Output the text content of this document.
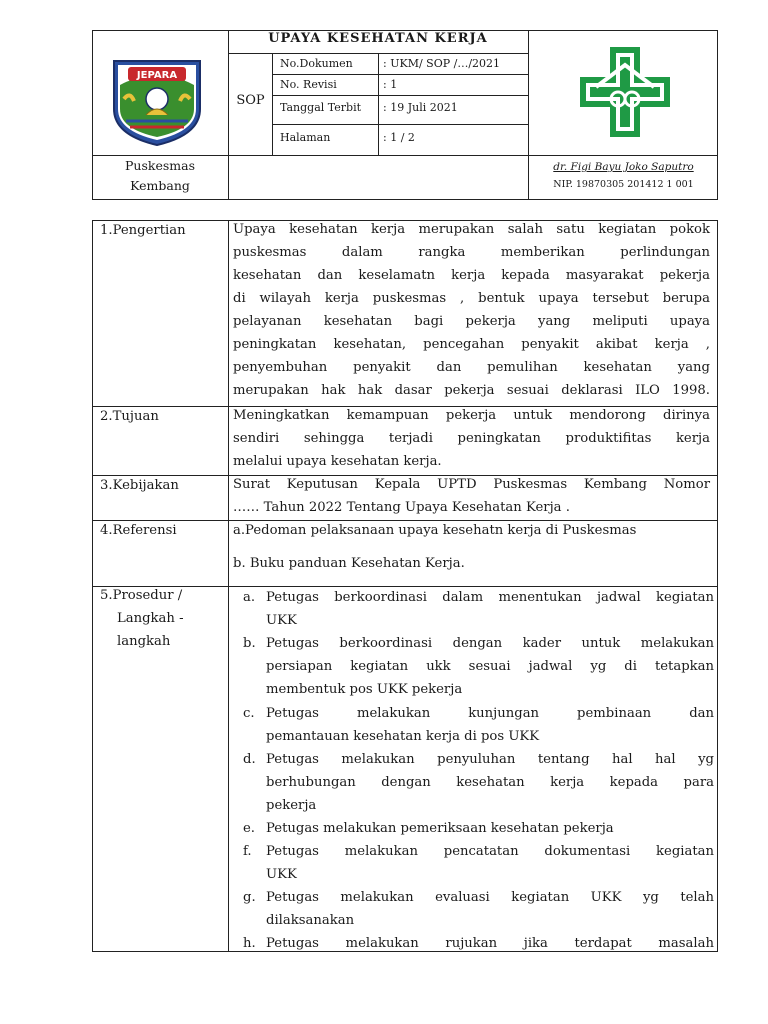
UPAYA KESEHATAN KERJA
SOP
No.Dokumen	: UKM/ SOP /…/2021
No. Revisi	: 1
Tanggal Terbit : 19 Juli 2021
Halaman	: 1 / 2
Puskesmas
Kembang
dr. Figi Bayu Joko Saputro
NIP. 19870305 201412 1 001
JEPARA
1.Pengertian	Upaya kesehatan kerja merupakan salah satu kegiatan pokok
puskesmas dalam rangka memberikan perlindungan
kesehatan dan keselamatn kerja kepada masyarakat pekerja
di wilayah kerja puskesmas , bentuk upaya tersebut berupa
pelayanan kesehatan bagi pekerja yang meliputi upaya
peningkatan kesehatan, pencegahan penyakit akibat kerja ,
penyembuhan penyakit dan pemulihan kesehatan yang
merupakan hak hak dasar pekerja sesuai deklarasi ILO 1998.
2.Tujuan	Meningkatkan kemampuan pekerja untuk mendorong dirinya
sendiri sehingga terjadi peningkatan produktifitas kerja
melalui upaya kesehatan kerja.
3.Kebijakan	Surat Keputusan Kepala UPTD Puskesmas Kembang Nomor
…… Tahun 2022 Tentang Upaya Kesehatan Kerja .
4.Referensi	a.Pedoman pelaksanaan upaya kesehatn kerja di Puskesmas
b. Buku panduan Kesehatan Kerja.
5.Prosedur /
Langkah -
langkah
a. Petugas berkoordinasi dalam menentukan jadwal kegiatan
UKK
b. Petugas berkoordinasi dengan kader untuk melakukan
persiapan kegiatan ukk sesuai jadwal yg di tetapkan
membentuk pos UKK pekerja
c. Petugas melakukan kunjungan pembinaan dan
pemantauan kesehatan kerja di pos UKK
d. Petugas melakukan penyuluhan tentang hal hal yg
berhubungan dengan kesehatan kerja kepada para
pekerja
e. Petugas melakukan pemeriksaan kesehatan pekerja
f.	Petugas melakukan pencatatan dokumentasi kegiatan
UKK
g. Petugas melakukan evaluasi kegiatan UKK yg telah
dilaksanakan
h. Petugas melakukan rujukan jika terdapat masalah
